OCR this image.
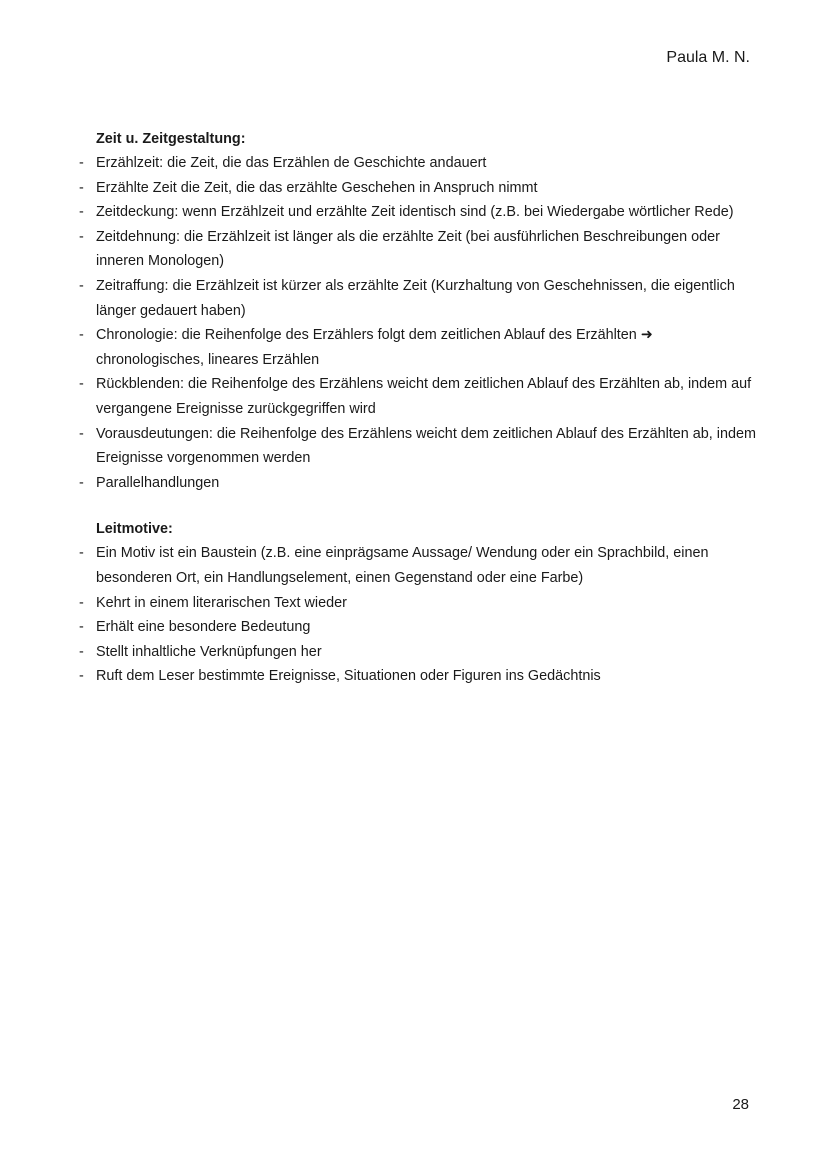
Paula M. N.
Zeit u. Zeitgestaltung:
- Erzählzeit: die Zeit, die das Erzählen de Geschichte andauert
- Erzählte Zeit die Zeit, die das erzählte Geschehen in Anspruch nimmt
- Zeitdeckung: wenn Erzählzeit und erzählte Zeit identisch sind (z.B. bei Wiedergabe wörtlicher Rede)
- Zeitdehnung: die Erzählzeit ist länger als die erzählte Zeit (bei ausführlichen Beschreibungen oder inneren Monologen)
- Zeitraffung: die Erzählzeit ist kürzer als erzählte Zeit (Kurzhaltung von Geschehnissen, die eigentlich länger gedauert haben)
- Chronologie: die Reihenfolge des Erzählers folgt dem zeitlichen Ablauf des Erzählten ➜ chronologisches, lineares Erzählen
- Rückblenden: die Reihenfolge des Erzählens weicht dem zeitlichen Ablauf des Erzählten ab, indem auf vergangene Ereignisse zurückgegriffen wird
- Vorausdeutungen: die Reihenfolge des Erzählens weicht dem zeitlichen Ablauf des Erzählten ab, indem Ereignisse vorgenommen werden
- Parallelhandlungen
Leitmotive:
- Ein Motiv ist ein Baustein (z.B. eine einprägsame Aussage/ Wendung oder ein Sprachbild, einen besonderen Ort, ein Handlungselement, einen Gegenstand oder eine Farbe)
- Kehrt in einem literarischen Text wieder
- Erhält eine besondere Bedeutung
- Stellt inhaltliche Verknüpfungen her
- Ruft dem Leser bestimmte Ereignisse, Situationen oder Figuren ins Gedächtnis
28
